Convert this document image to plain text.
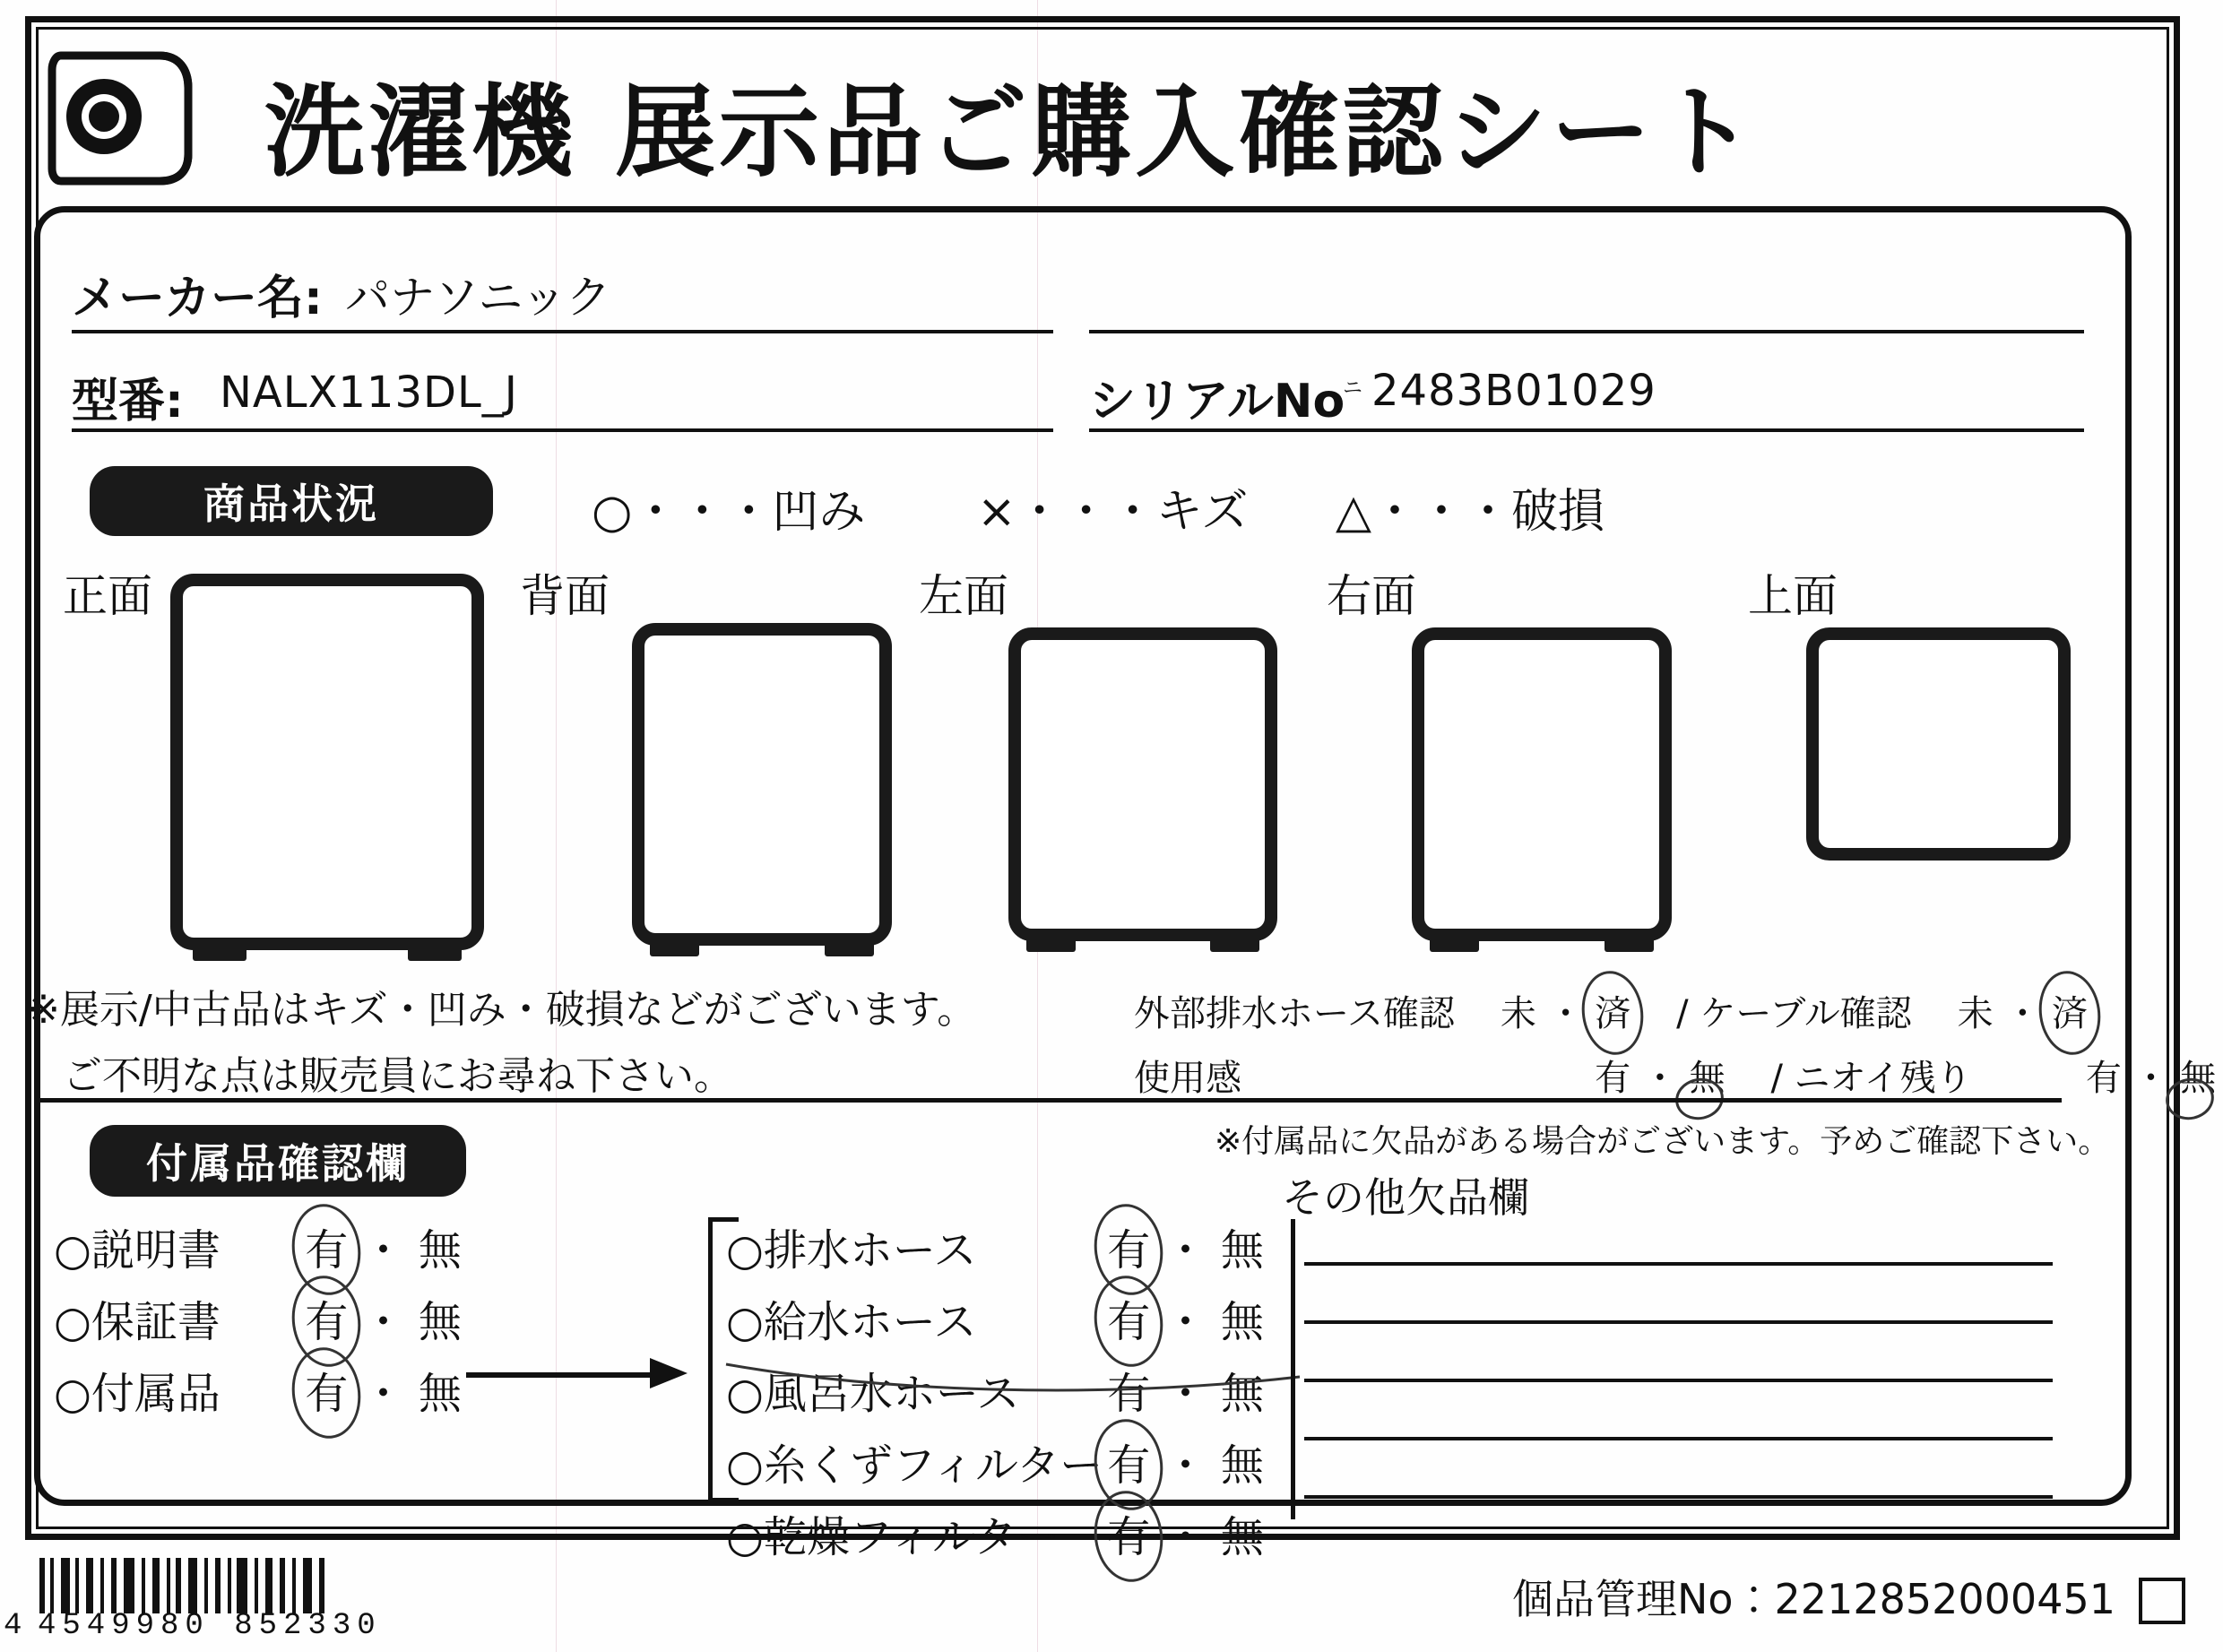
洗濯機 展示品ご購入確認シート
メーカー名: パナソニック
型番: NALX113DL_J	シリアルNo
ニ 2483B01029
商品状況	○・・・凹み ×・・・キズ △・・・破損
正面	背面	左面	右面	上面
※展示/中古品はキズ・凹み・破損などがございます。
ご不明な点は販売員にお尋ね下さい。
外部排水ホース確認 未 ・ 済 / ケーブル確認 未 ・ 済
使用感	有 ・ 無 / ニオイ残り	有 ・ 無
付属品確認欄	※付属品に欠品がある場合がございます。予めご確認下さい。
その他欠品欄
○説明書 有 ・ 無
○保証書 有 ・ 無
○付属品 有 ・ 無
○排水ホース	有 ・ 無
○給水ホース	有 ・ 無
○風呂水ホース 有 ・ 無
○糸くずフィルター 有 ・ 無
○乾燥フィルター 有 ・ 無
4 4549980 852330
個品管理No：2212852000451
